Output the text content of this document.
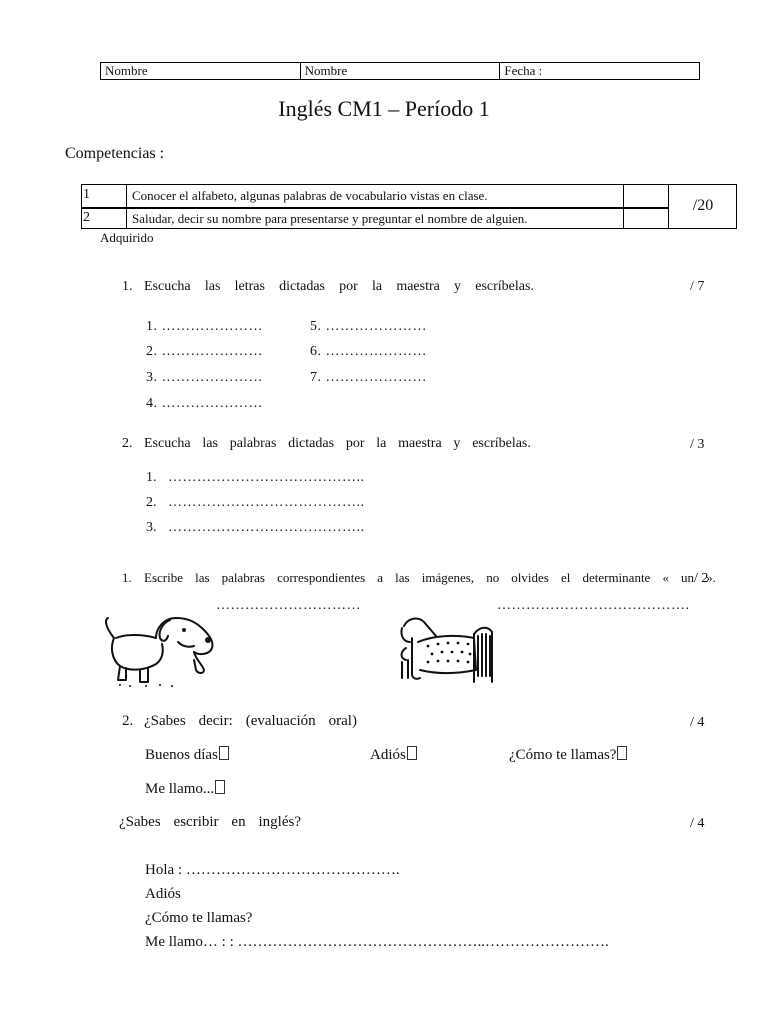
Nombre	Nombre	Fecha :
Inglés CM1 – Período 1
Competencias :
1	Conocer el alfabeto, algunas palabras de vocabulario vistas en clase.
2	Saludar, decir su nombre para presentarse y preguntar el nombre de alguien.
/20
Adquirido
1. Escucha las letras dictadas por la maestra y escríbelas.	/ 7
1. …………………
2. …………………
3. …………………
4. …………………
5. …………………
6. …………………
7. …………………
2. Escucha las palabras dictadas por la maestra y escríbelas.	/ 3
1. …………………………………..
2. …………………………………..
3. …………………………………..
1. Escribe las palabras correspondientes a las imágenes, no olvides el determinante « un ».
/ 2
…………………………	………………………………….
2. ¿Sabes decir: (evaluación oral)	/ 4
Buenos días	Adiós	¿Cómo te llamas?
Me llamo...
¿Sabes escribir en inglés?	/ 4
Hola : …………………………………….
Adiós
¿Cómo te llamas?
Me llamo… : : …………………………………………..…………………….
